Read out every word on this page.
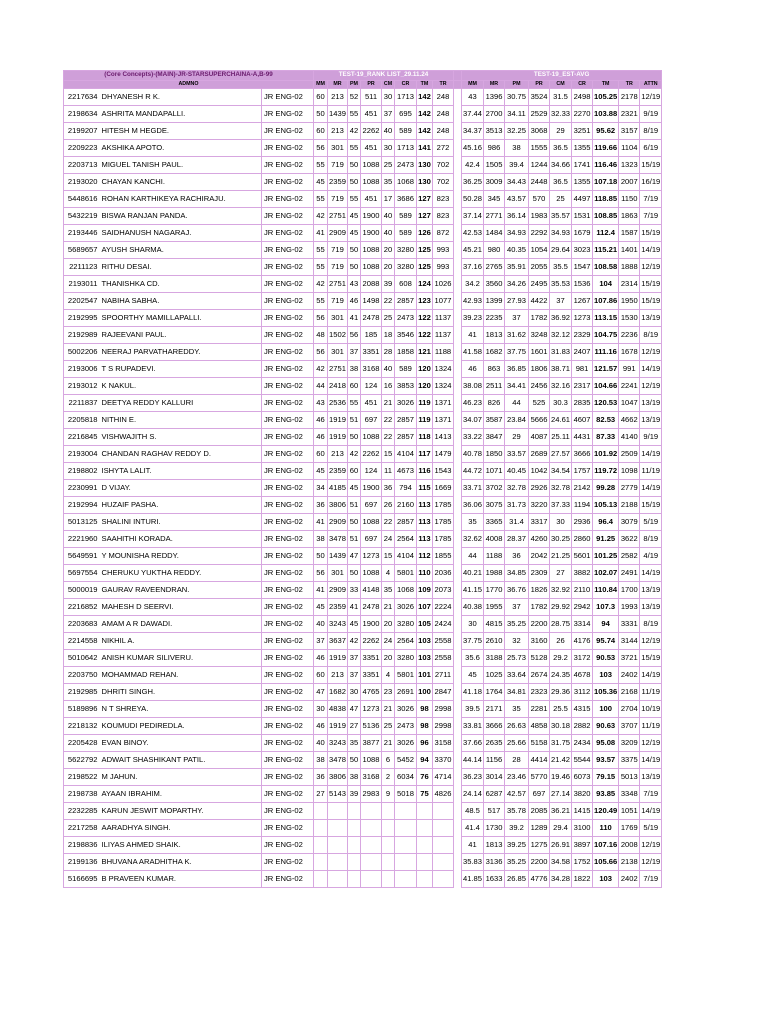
(Core Concepts)-(MAIN)-JR-STARSUPERCHAINA-A,B-99			TEST-19_RANK LIST_29.11.24									TEST-19_EST-AVG								
ADMNO			MM	MR	PM	PR	CM	CR	TM	TR		MM	MR	PM	PR	CM	CR	TM	TR	ATTN
2217634	DHYANESH R K.	JR ENG-02	60	213	52	511	30	1713	142	248		43	1396	30.75	3524	31.5	2498	105.25	2178	12/19
2198634	ASHRITA MANDAPALLI.	JR ENG-02	50	1439	55	451	37	695	142	248		37.44	2700	34.11	2529	32.33	2270	103.88	2321	9/19
2199207	HITESH M HEGDE.	JR ENG-02	60	213	42	2262	40	589	142	248		34.37	3513	32.25	3068	29	3251	95.62	3157	8/19
2209223	AKSHIKA APOTO.	JR ENG-02	56	301	55	451	30	1713	141	272		45.16	986	38	1555	36.5	1355	119.66	1104	6/19
2203713	MIGUEL TANISH PAUL.	JR ENG-02	55	719	50	1088	25	2473	130	702		42.4	1505	39.4	1244	34.66	1741	116.46	1323	15/19
2193020	CHAYAN KANCHI.	JR ENG-02	45	2359	50	1088	35	1068	130	702		36.25	3009	34.43	2448	36.5	1355	107.18	2007	16/19
5448616	ROHAN KARTHIKEYA RACHIRAJU.	JR ENG-02	55	719	55	451	17	3686	127	823		50.28	345	43.57	570	25	4497	118.85	1150	7/19
5432219	BISWA RANJAN PANDA.	JR ENG-02	42	2751	45	1900	40	589	127	823		37.14	2771	36.14	1983	35.57	1531	108.85	1863	7/19
2193446	SAIDHANUSH NAGARAJ.	JR ENG-02	41	2909	45	1900	40	589	126	872		42.53	1484	34.93	2292	34.93	1679	112.4	1587	15/19
5689657	AYUSH SHARMA.	JR ENG-02	55	719	50	1088	20	3280	125	993		45.21	980	40.35	1054	29.64	3023	115.21	1401	14/19
2211123	RITHU DESAI.	JR ENG-02	55	719	50	1088	20	3280	125	993		37.16	2765	35.91	2055	35.5	1547	108.58	1888	12/19
2193011	THANISHKA CD.	JR ENG-02	42	2751	43	2088	39	608	124	1026		34.2	3560	34.26	2495	35.53	1536	104	2314	15/19
2202547	NABIHA SABHA.	JR ENG-02	55	719	46	1498	22	2857	123	1077		42.93	1399	27.93	4422	37	1267	107.86	1950	15/19
2192995	SPOORTHY MAMILLAPALLI.	JR ENG-02	56	301	41	2478	25	2473	122	1137		39.23	2235	37	1782	36.92	1273	113.15	1530	13/19
2192989	RAJEEVANI PAUL.	JR ENG-02	48	1502	56	185	18	3546	122	1137		41	1813	31.62	3248	32.12	2329	104.75	2236	8/19
5002206	NEERAJ PARVATHAREDDY.	JR ENG-02	56	301	37	3351	28	1858	121	1188		41.58	1682	37.75	1601	31.83	2407	111.16	1678	12/19
2193006	T S RUPADEVI.	JR ENG-02	42	2751	38	3168	40	589	120	1324		46	863	36.85	1806	38.71	981	121.57	991	14/19
2193012	K NAKUL.	JR ENG-02	44	2418	60	124	16	3853	120	1324		38.08	2511	34.41	2456	32.16	2317	104.66	2241	12/19
2211837	DEETYA REDDY KALLURI	JR ENG-02	43	2536	55	451	21	3026	119	1371		46.23	826	44	525	30.3	2835	120.53	1047	13/19
2205818	NITHIN E.	JR ENG-02	46	1919	51	697	22	2857	119	1371		34.07	3587	23.84	5666	24.61	4607	82.53	4662	13/19
2216845	VISHWAJITH S.	JR ENG-02	46	1919	50	1088	22	2857	118	1413		33.22	3847	29	4087	25.11	4431	87.33	4140	9/19
2193004	CHANDAN RAGHAV REDDY D.	JR ENG-02	60	213	42	2262	15	4104	117	1479		40.78	1850	33.57	2689	27.57	3666	101.92	2509	14/19
2198802	ISHYTA LALIT.	JR ENG-02	45	2359	60	124	11	4673	116	1543		44.72	1071	40.45	1042	34.54	1757	119.72	1098	11/19
2230991	D VIJAY.	JR ENG-02	34	4185	45	1900	36	794	115	1669		33.71	3702	32.78	2926	32.78	2142	99.28	2779	14/19
2192994	HUZAIF PASHA.	JR ENG-02	36	3806	51	697	26	2160	113	1785		36.06	3075	31.73	3220	37.33	1194	105.13	2188	15/19
5013125	SHALINI INTURI.	JR ENG-02	41	2909	50	1088	22	2857	113	1785		35	3365	31.4	3317	30	2936	96.4	3079	5/19
2221960	SAAHITHI KORADA.	JR ENG-02	38	3478	51	697	24	2564	113	1785		32.62	4008	28.37	4260	30.25	2860	91.25	3622	8/19
5649591	Y MOUNISHA REDDY.	JR ENG-02	50	1439	47	1273	15	4104	112	1855		44	1188	36	2042	21.25	5601	101.25	2582	4/19
5697554	CHERUKU YUKTHA REDDY.	JR ENG-02	56	301	50	1088	4	5801	110	2036		40.21	1988	34.85	2309	27	3882	102.07	2491	14/19
5000019	GAURAV RAVEENDRAN.	JR ENG-02	41	2909	33	4148	35	1068	109	2073		41.15	1770	36.76	1826	32.92	2110	110.84	1700	13/19
2216852	MAHESH D SEERVI.	JR ENG-02	45	2359	41	2478	21	3026	107	2224		40.38	1955	37	1782	29.92	2942	107.3	1993	13/19
2203683	AMAM A R DAWADI.	JR ENG-02	40	3243	45	1900	20	3280	105	2424		30	4815	35.25	2200	28.75	3314	94	3331	8/19
2214558	NIKHIL A.	JR ENG-02	37	3637	42	2262	24	2564	103	2558		37.75	2610	32	3160	26	4176	95.74	3144	12/19
5010642	ANISH KUMAR SILIVERU.	JR ENG-02	46	1919	37	3351	20	3280	103	2558		35.6	3188	25.73	5128	29.2	3172	90.53	3721	15/19
2203750	MOHAMMAD REHAN.	JR ENG-02	60	213	37	3351	4	5801	101	2711		45	1025	33.64	2674	24.35	4678	103	2402	14/19
2192985	DHRITI SINGH.	JR ENG-02	47	1682	30	4765	23	2691	100	2847		41.18	1764	34.81	2323	29.36	3112	105.36	2168	11/19
5189896	N T SHREYA.	JR ENG-02	30	4838	47	1273	21	3026	98	2998		39.5	2171	35	2281	25.5	4315	100	2704	10/19
2218132	KOUMUDI PEDIREDLA.	JR ENG-02	46	1919	27	5136	25	2473	98	2998		33.81	3666	26.63	4858	30.18	2882	90.63	3707	11/19
2205428	EVAN BINOY.	JR ENG-02	40	3243	35	3877	21	3026	96	3158		37.66	2635	25.66	5158	31.75	2434	95.08	3209	12/19
5622792	ADWAIT SHASHIKANT PATIL.	JR ENG-02	38	3478	50	1088	6	5452	94	3370		44.14	1156	28	4414	21.42	5544	93.57	3375	14/19
2198522	M JAHUN.	JR ENG-02	36	3806	38	3168	2	6034	76	4714		36.23	3014	23.46	5770	19.46	6073	79.15	5013	13/19
2198738	AYAAN IBRAHIM.	JR ENG-02	27	5143	39	2983	9	5018	75	4826		24.14	6287	42.57	697	27.14	3820	93.85	3348	7/19
2232285	KARUN JESWIT MOPARTHY.	JR ENG-02										48.5	517	35.78	2085	36.21	1415	120.49	1051	14/19
2217258	AARADHYA SINGH.	JR ENG-02										41.4	1730	39.2	1289	29.4	3100	110	1769	5/19
2198836	ILIYAS AHMED SHAIK.	JR ENG-02										41	1813	39.25	1275	26.91	3897	107.16	2008	12/19
2199136	BHUVANA ARADHITHA K.	JR ENG-02										35.83	3136	35.25	2200	34.58	1752	105.66	2138	12/19
5166695	B PRAVEEN KUMAR.	JR ENG-02										41.85	1633	26.85	4776	34.28	1822	103	2402	7/19
